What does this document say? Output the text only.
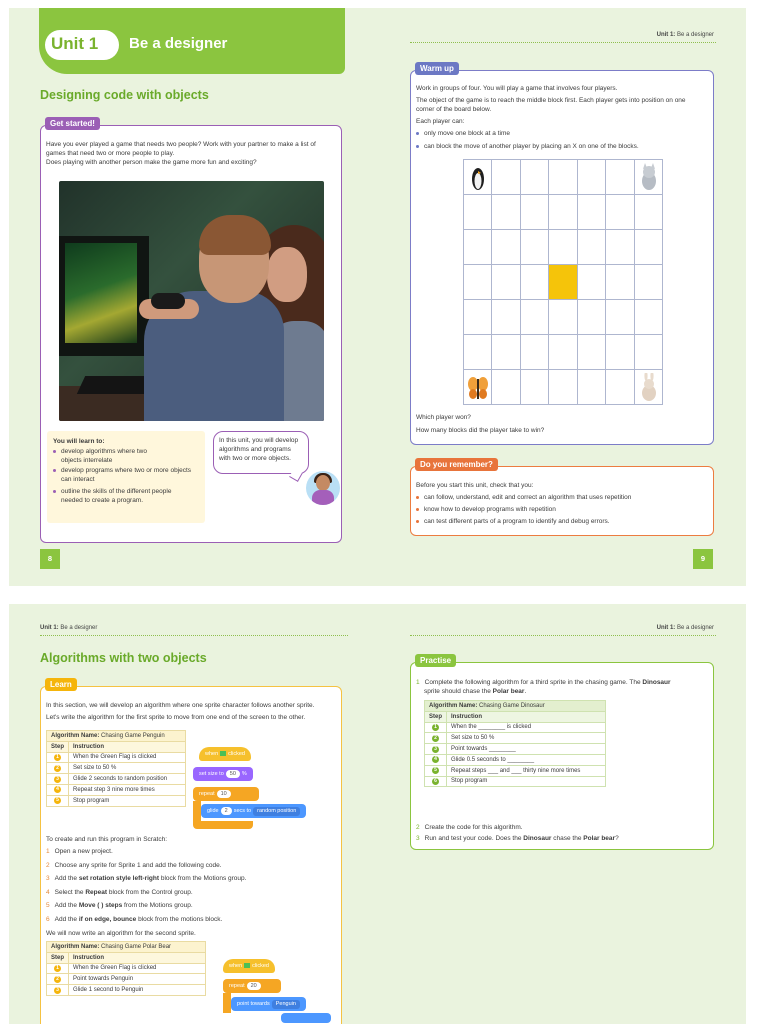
Unit 1 Be a designer
Designing code with objects
Get started!
Have you ever played a game that needs two people? Work with your partner to make a list of
games that need two or more people to play.
Does playing with another person make the game more fun and exciting?
You will learn to:
develop algorithms where two
objects interrelate
develop programs where two or more objects
can interact
outline the skills of the different people
needed to create a program.
In this unit, you will develop
algorithms and programs
with two or more objects.
8
Unit 1: Be a designer
Warm up
Work in groups of four. You will play a game that involves four players.
The object of the game is to reach the middle block first. Each player gets into position on one
corner of the board below.
Each player can:
only move one block at a time
can block the move of another player by placing an X on one of the blocks.

Which player won?
How many blocks did the player take to win?
Do you remember?
Before you start this unit, check that you:
can follow, understand, edit and correct an algorithm that uses repetition
know how to develop programs with repetition
can test different parts of a program to identify and debug errors.
9
Unit 1: Be a designer
Algorithms with two objects
Learn
In this section, we will develop an algorithm where one sprite character follows another sprite.
Let's write the algorithm for the first sprite to move from one end of the screen to the other.
Algorithm Name: Chasing Game Penguin	
Step	Instruction
1	When the Green Flag is clicked
2	Set size to 50 %
3	Glide 2 seconds to random position
4	Repeat step 3 nine more times
5	Stop program
when clicked
set size to 50 %
repeat 10
glide 2 secs to random position
To create and run this program in Scratch:
1 Open a new project.
2 Choose any sprite for Sprite 1 and add the following code.
3 Add the set rotation style left-right block from the Motions group.
4 Select the Repeat block from the Control group.
5 Add the Move ( ) steps from the Motions group.
6 Add the if on edge, bounce block from the motions block.
We will now write an algorithm for the second sprite.
Algorithm Name: Chasing Game Polar Bear	
Step	Instruction
1	When the Green Flag is clicked
2	Point towards Penguin
3	Glide 1 second to Penguin
when clicked
repeat 20
point towards Penguin
Unit 1: Be a designer
Practise
1 Complete the following algorithm for a third sprite in the chasing game. The Dinosaur
sprite should chase the Polar bear.
Algorithm Name: Chasing Game Dinosaur	
Step	Instruction
1	When the ________ is clicked
2	Set size to 50 %
3	Point towards ________
4	Glide 0.5 seconds to ________
5	Repeat steps ___ and ___ thirty nine more times
6	Stop program
2 Create the code for this algorithm.
3 Run and test your code. Does the Dinosaur chase the Polar bear?
